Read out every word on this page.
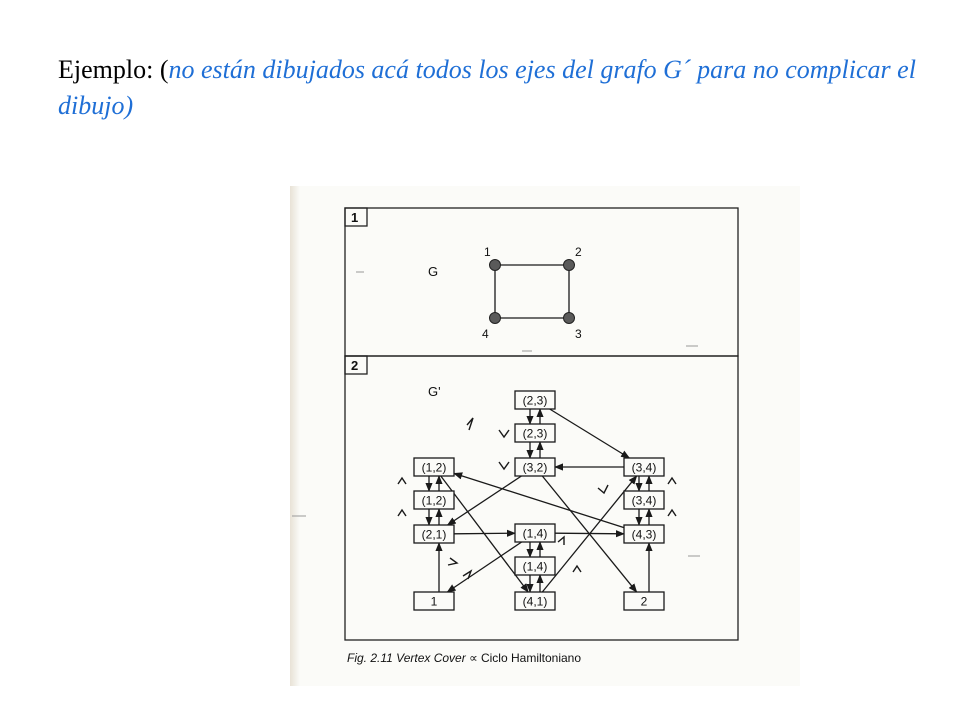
Ejemplo: (no están dibujados acá todos los ejes del grafo G´ para no complicar el dibujo)
1
G
1	2
3
4
2
G'
(2,3)
(2,3)
(3,2)
(1,2)
(1,2)
(2,1)
(3,4)
(3,4)
(4,3)
(1,4)
(1,4)
(4,1)
1	2
Fig. 2.11 Vertex Cover ∝ Ciclo Hamiltoniano
